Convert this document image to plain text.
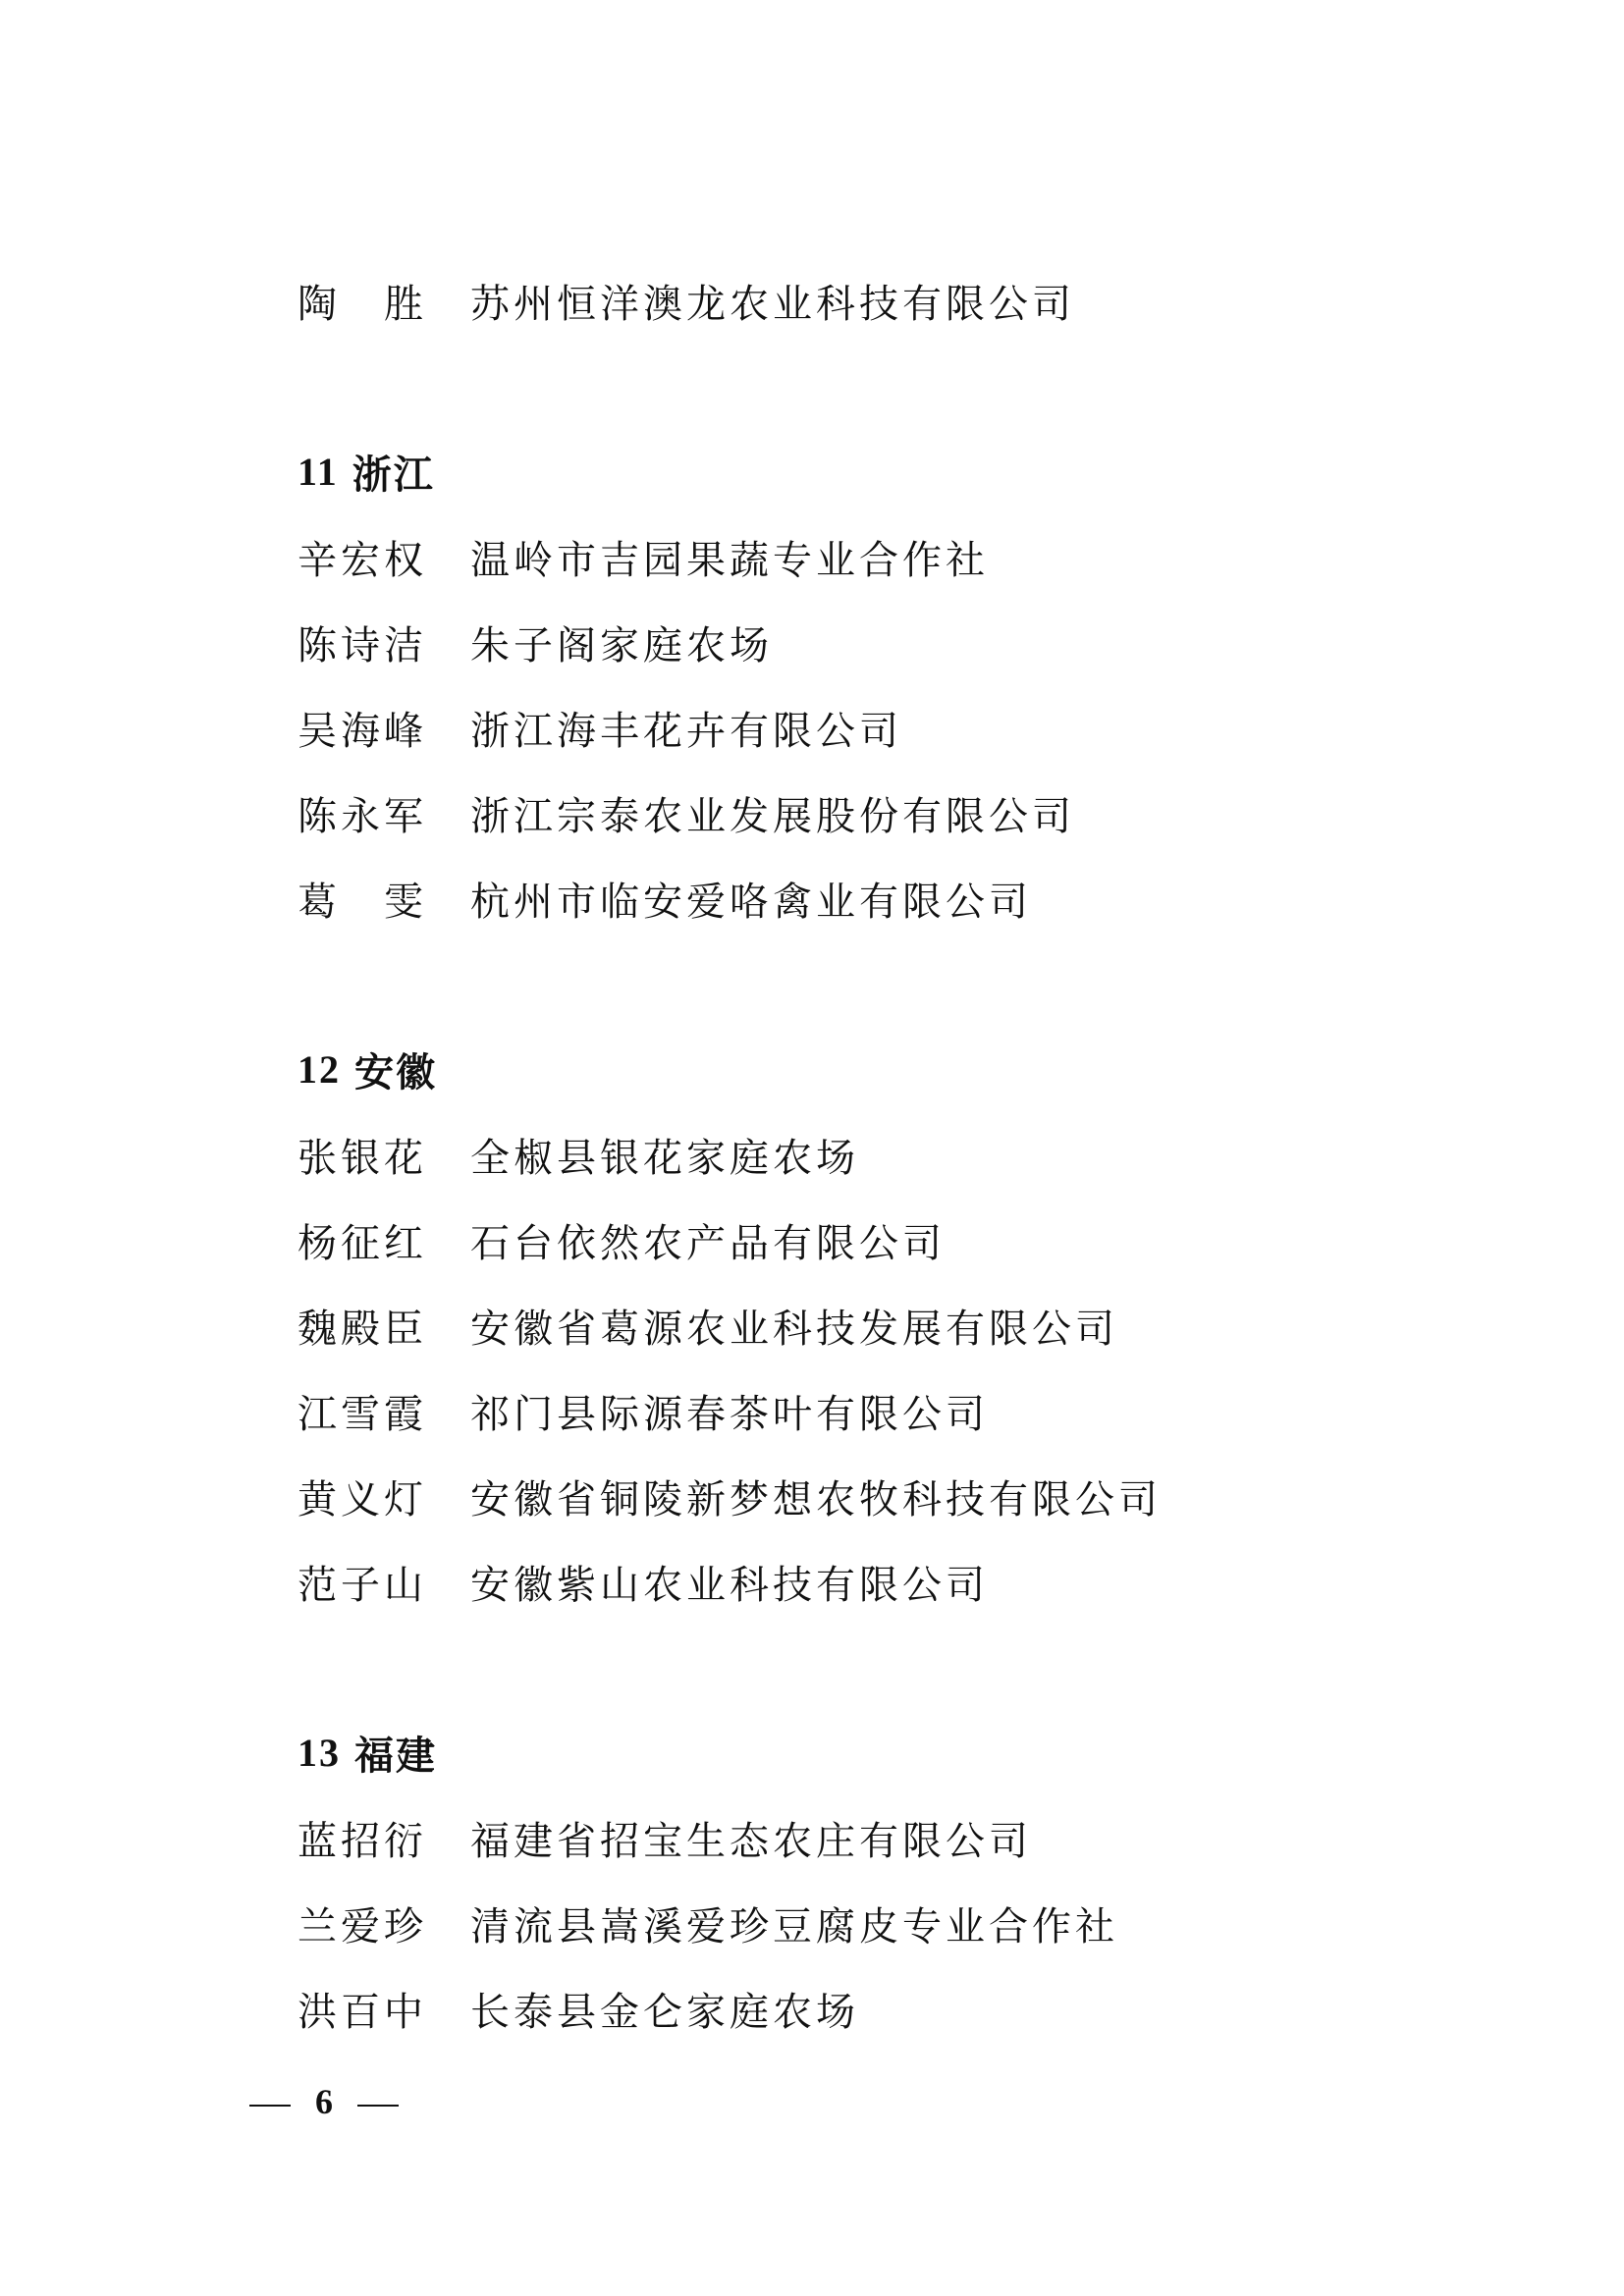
陶　胜	苏州恒洋澳龙农业科技有限公司
11 浙江
辛宏权	温岭市吉园果蔬专业合作社
陈诗洁	朱子阁家庭农场
吴海峰	浙江海丰花卉有限公司
陈永军	浙江宗泰农业发展股份有限公司
葛　雯	杭州市临安爱咯禽业有限公司
12 安徽
张银花	全椒县银花家庭农场
杨征红	石台依然农产品有限公司
魏殿臣	安徽省葛源农业科技发展有限公司
江雪霞	祁门县际源春茶叶有限公司
黄义灯	安徽省铜陵新梦想农牧科技有限公司
范子山	安徽紫山农业科技有限公司
13 福建
蓝招衍	福建省招宝生态农庄有限公司
兰爱珍	清流县嵩溪爱珍豆腐皮专业合作社
洪百中	长泰县金仑家庭农场
6
